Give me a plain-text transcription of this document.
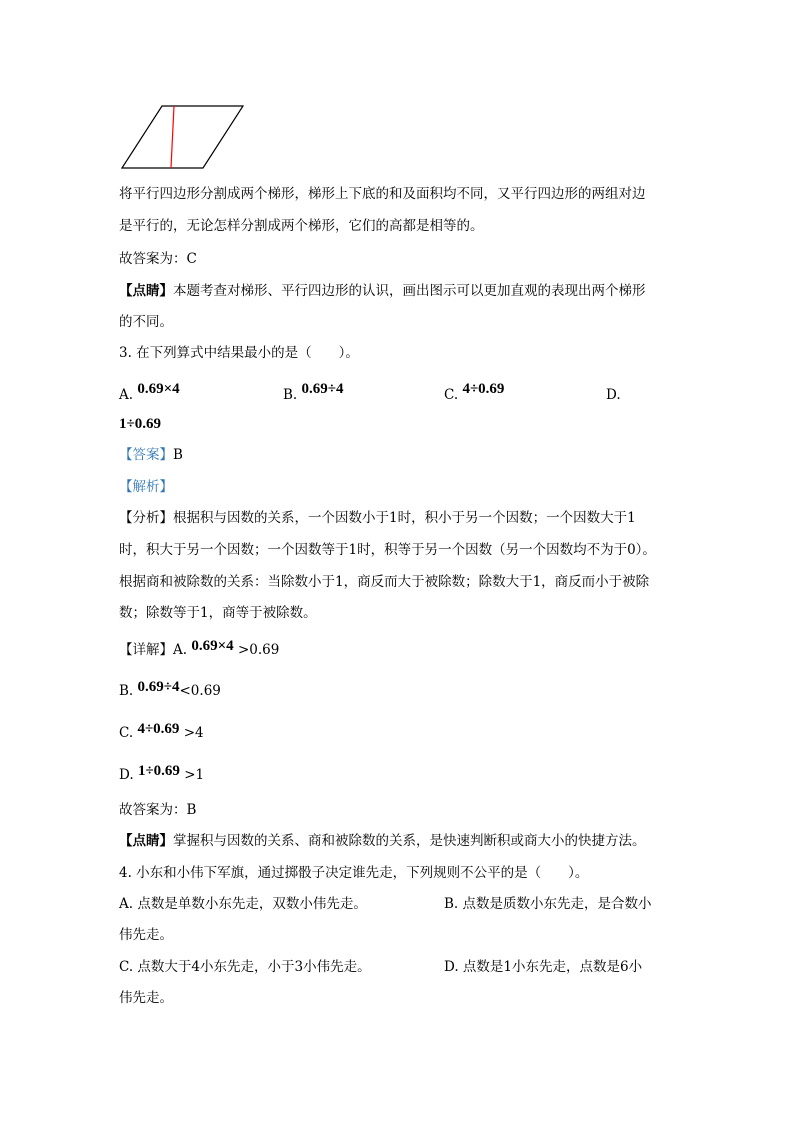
将平行四边形分割成两个梯形，梯形上下底的和及面积均不同，又平行四边形的两组对边
是平行的，无论怎样分割成两个梯形，它们的高都是相等的。
故答案为：C
【点睛】本题考查对梯形、平行四边形的认识，画出图示可以更加直观的表现出两个梯形
的不同。
3. 在下列算式中结果最小的是（　　）。
A. 0.69×4	B. 0.69÷4	C. 4÷0.69	D.
1÷0.69
【答案】B
【解析】
【分析】根据积与因数的关系，一个因数小于1时，积小于另一个因数；一个因数大于1
时，积大于另一个因数；一个因数等于1时，积等于另一个因数（另一个因数均不为于0）。
根据商和被除数的关系：当除数小于1，商反而大于被除数；除数大于1，商反而小于被除
数；除数等于1，商等于被除数。
【详解】A. 0.69×4 >0.69
B. 0.69÷4<0.69
C. 4÷0.69 >4
D. 1÷0.69 >1
故答案为：B
【点睛】掌握积与因数的关系、商和被除数的关系，是快速判断积或商大小的快捷方法。
4. 小东和小伟下军旗，通过掷骰子决定谁先走，下列规则不公平的是（　　）。
A. 点数是单数小东先走，双数小伟先走。	B. 点数是质数小东先走，是合数小
伟先走。
C. 点数大于4小东先走，小于3小伟先走。	D. 点数是1小东先走，点数是6小
伟先走。
